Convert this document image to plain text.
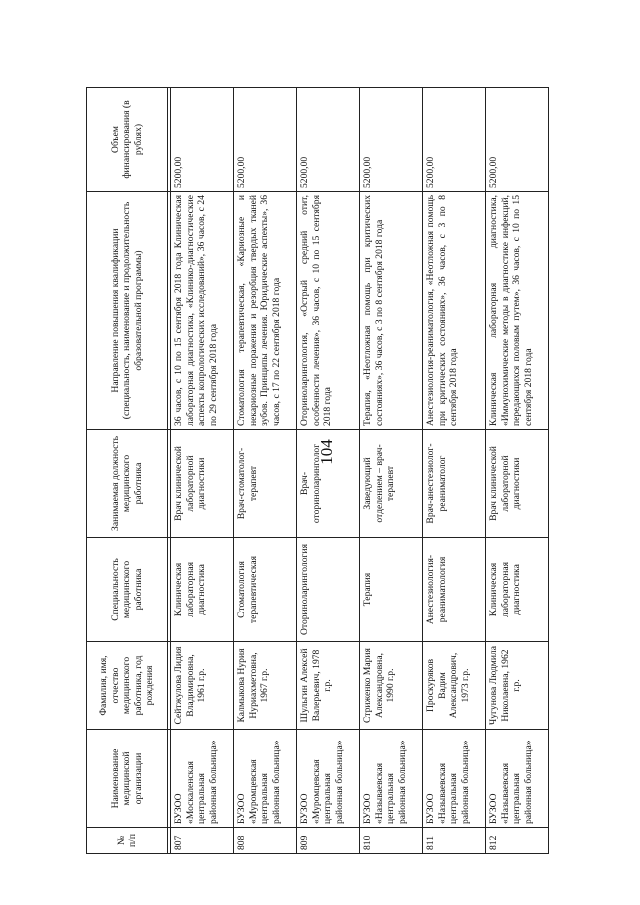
104
№ п/п	Наименование медицинской организации	Фамилия, имя, отчество медицинского работника, год рождения	Специальность медицинского работника	Занимаемая должность медицинского работника	Направление повышения квалификации (специальность, наименование и продолжительность образовательной программы)	Объем финансирования (в рублях)

807	БУЗОО «Москаленская центральная районная больница»	Сейтжулова Лидия Владимировна, 1961 г.р.	Клиническая лабораторная диагностика	Врач клинической лабораторной диагностики	36 часов, с 10 по 15 сентября 2018 года Клиническая лабораторная диагностика, «Клинико-диагностические аспекты копрологических исследований», 36 часов, с 24 по 29 сентября 2018 года	5200,00
808	БУЗОО «Муромцевская центральная районная больница»	Калмыкова Нурия Нуриахметовна, 1967 г.р.	Стоматология терапевтическая	Врач-стоматолог-терапевт	Стоматология терапевтическая, «Кариозные и некариозные поражения и резорбция твердых тканей зубов. Принципы лечения. Юридические аспекты», 36 часов, с 17 по 22 сентября 2018 года	5200,00
809	БУЗОО «Муромцевская центральная районная больница»	Шульгин Алексей Валерьевич, 1978 г.р.	Оториноларингология	Врач-оториноларинголог	Оториноларингология, «Острый средний отит, особенности лечения», 36 часов, с 10 по 15 сентября 2018 года	5200,00
810	БУЗОО «Называевская центральная районная больница»	Стриженко Мария Александровна, 1990 г.р.	Терапия	Заведующий отделением – врач-терапевт	Терапия, «Неотложная помощь при критических состояниях», 36 часов, с 3 по 8 сентября 2018 года	5200,00
811	БУЗОО «Называевская центральная районная больница»	Проскуряков Вадим Александрович, 1973 г.р.	Анестезиология-реаниматология	Врач-анестезиолог-реаниматолог	Анестезиология-реаниматология, «Неотложная помощь при критических состояниях», 36 часов, с 3 по 8 сентября 2018 года	5200,00
812	БУЗОО «Называевская центральная районная больница»	Чугунова Людмила Николаевна, 1962 г.р.	Клиническая лабораторная диагностика	Врач клинической лабораторной диагностики	Клиническая лабораторная диагностика, «Иммунохимические методы в диагностике инфекций, передающихся половым путем», 36 часов, с 10 по 15 сентября 2018 года	5200,00
